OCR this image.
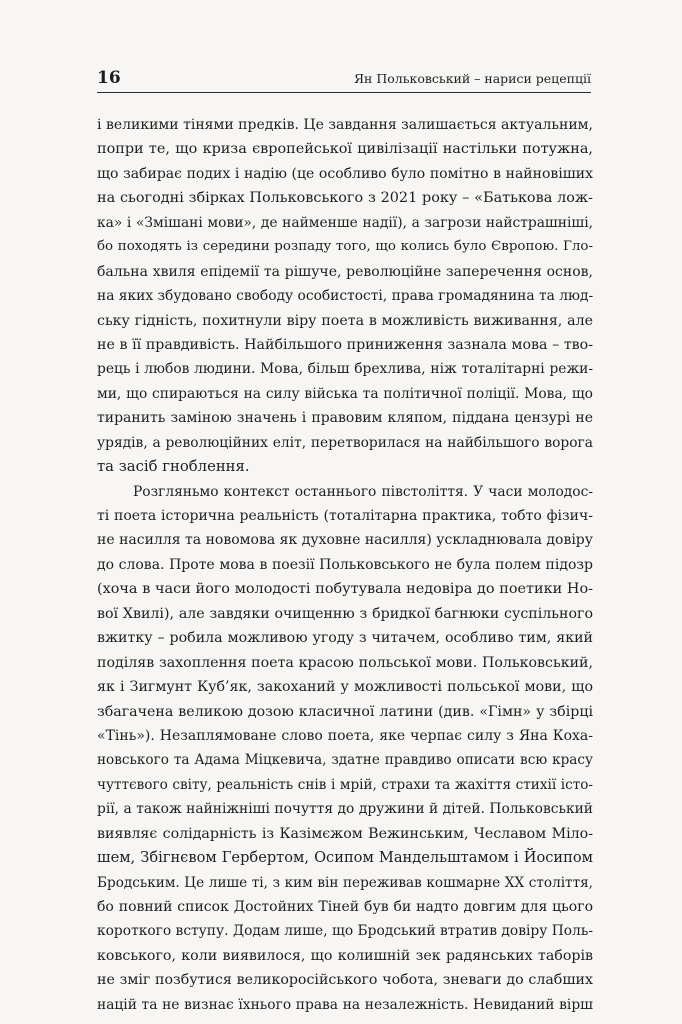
16	Ян Польковський – нариси рецепції
і великими тінями предків. Це завдання залишається актуальним,
попри те, що криза європейської цивілізації настільки потужна,
що забирає подих і надію (це особливо було помітно в найновіших
на сьогодні збірках Польковського з 2021 року – «Батькова лож-
ка» і «Змішані мови», де найменше надії), а загрози найстрашніші,
бо походять із середини розпаду того, що колись було Європою. Гло-
бальна хвиля епідемії та рішуче, революційне заперечення основ,
на яких збудовано свободу особистості, права громадянина та люд-
ську гідність, похитнули віру поета в можливість виживання, але
не в її правдивість. Найбільшого приниження зазнала мова – тво-
рець і любов людини. Мова, більш брехлива, ніж тоталітарні режи-
ми, що спираються на силу війська та політичної поліції. Мова, що
тиранить заміною значень і правовим кляпом, піддана цензурі не
урядів, а революційних еліт, перетворилася на найбільшого ворога
та засіб гноблення.
Розгляньмо контекст останнього півстоліття. У часи молодос-
ті поета історична реальність (тоталітарна практика, тобто фізич-
не насилля та новомова як духовне насилля) ускладнювала довіру
до слова. Проте мова в поезії Польковського не була полем підозр
(хоча в часи його молодості побутувала недовіра до поетики Но-
вої Хвилі), але завдяки очищенню з бридкої багнюки суспільного
вжитку – робила можливою угоду з читачем, особливо тим, який
поділяв захоплення поета красою польської мови. Польковський,
як і Зигмунт Куб’як, закоханий у можливості польської мови, що
збагачена великою дозою класичної латини (див. «Гімн» у збірці
«Тінь»). Незаплямоване слово поета, яке черпає силу з Яна Коха-
новського та Адама Міцкевича, здатне правдиво описати всю красу
чуттєвого світу, реальність снів і мрій, страхи та жахіття стихії істо-
рії, а також найніжніші почуття до дружини й дітей. Польковський
виявляє солідарність із Казімєжом Вежинським, Чеславом Міло-
шем, Збігнєвом Гербертом, Осипом Мандельштамом і Йосипом
Бродським. Це лише ті, з ким він переживав кошмарне ХХ століття,
бо повний список Достойних Тіней був би надто довгим для цього
короткого вступу. Додам лише, що Бродський втратив довіру Поль-
ковського, коли виявилося, що колишній зек радянських таборів
не зміг позбутися великоросійського чобота, зневаги до слабших
націй та не визнає їхнього права на незалежність. Невиданий вірш
